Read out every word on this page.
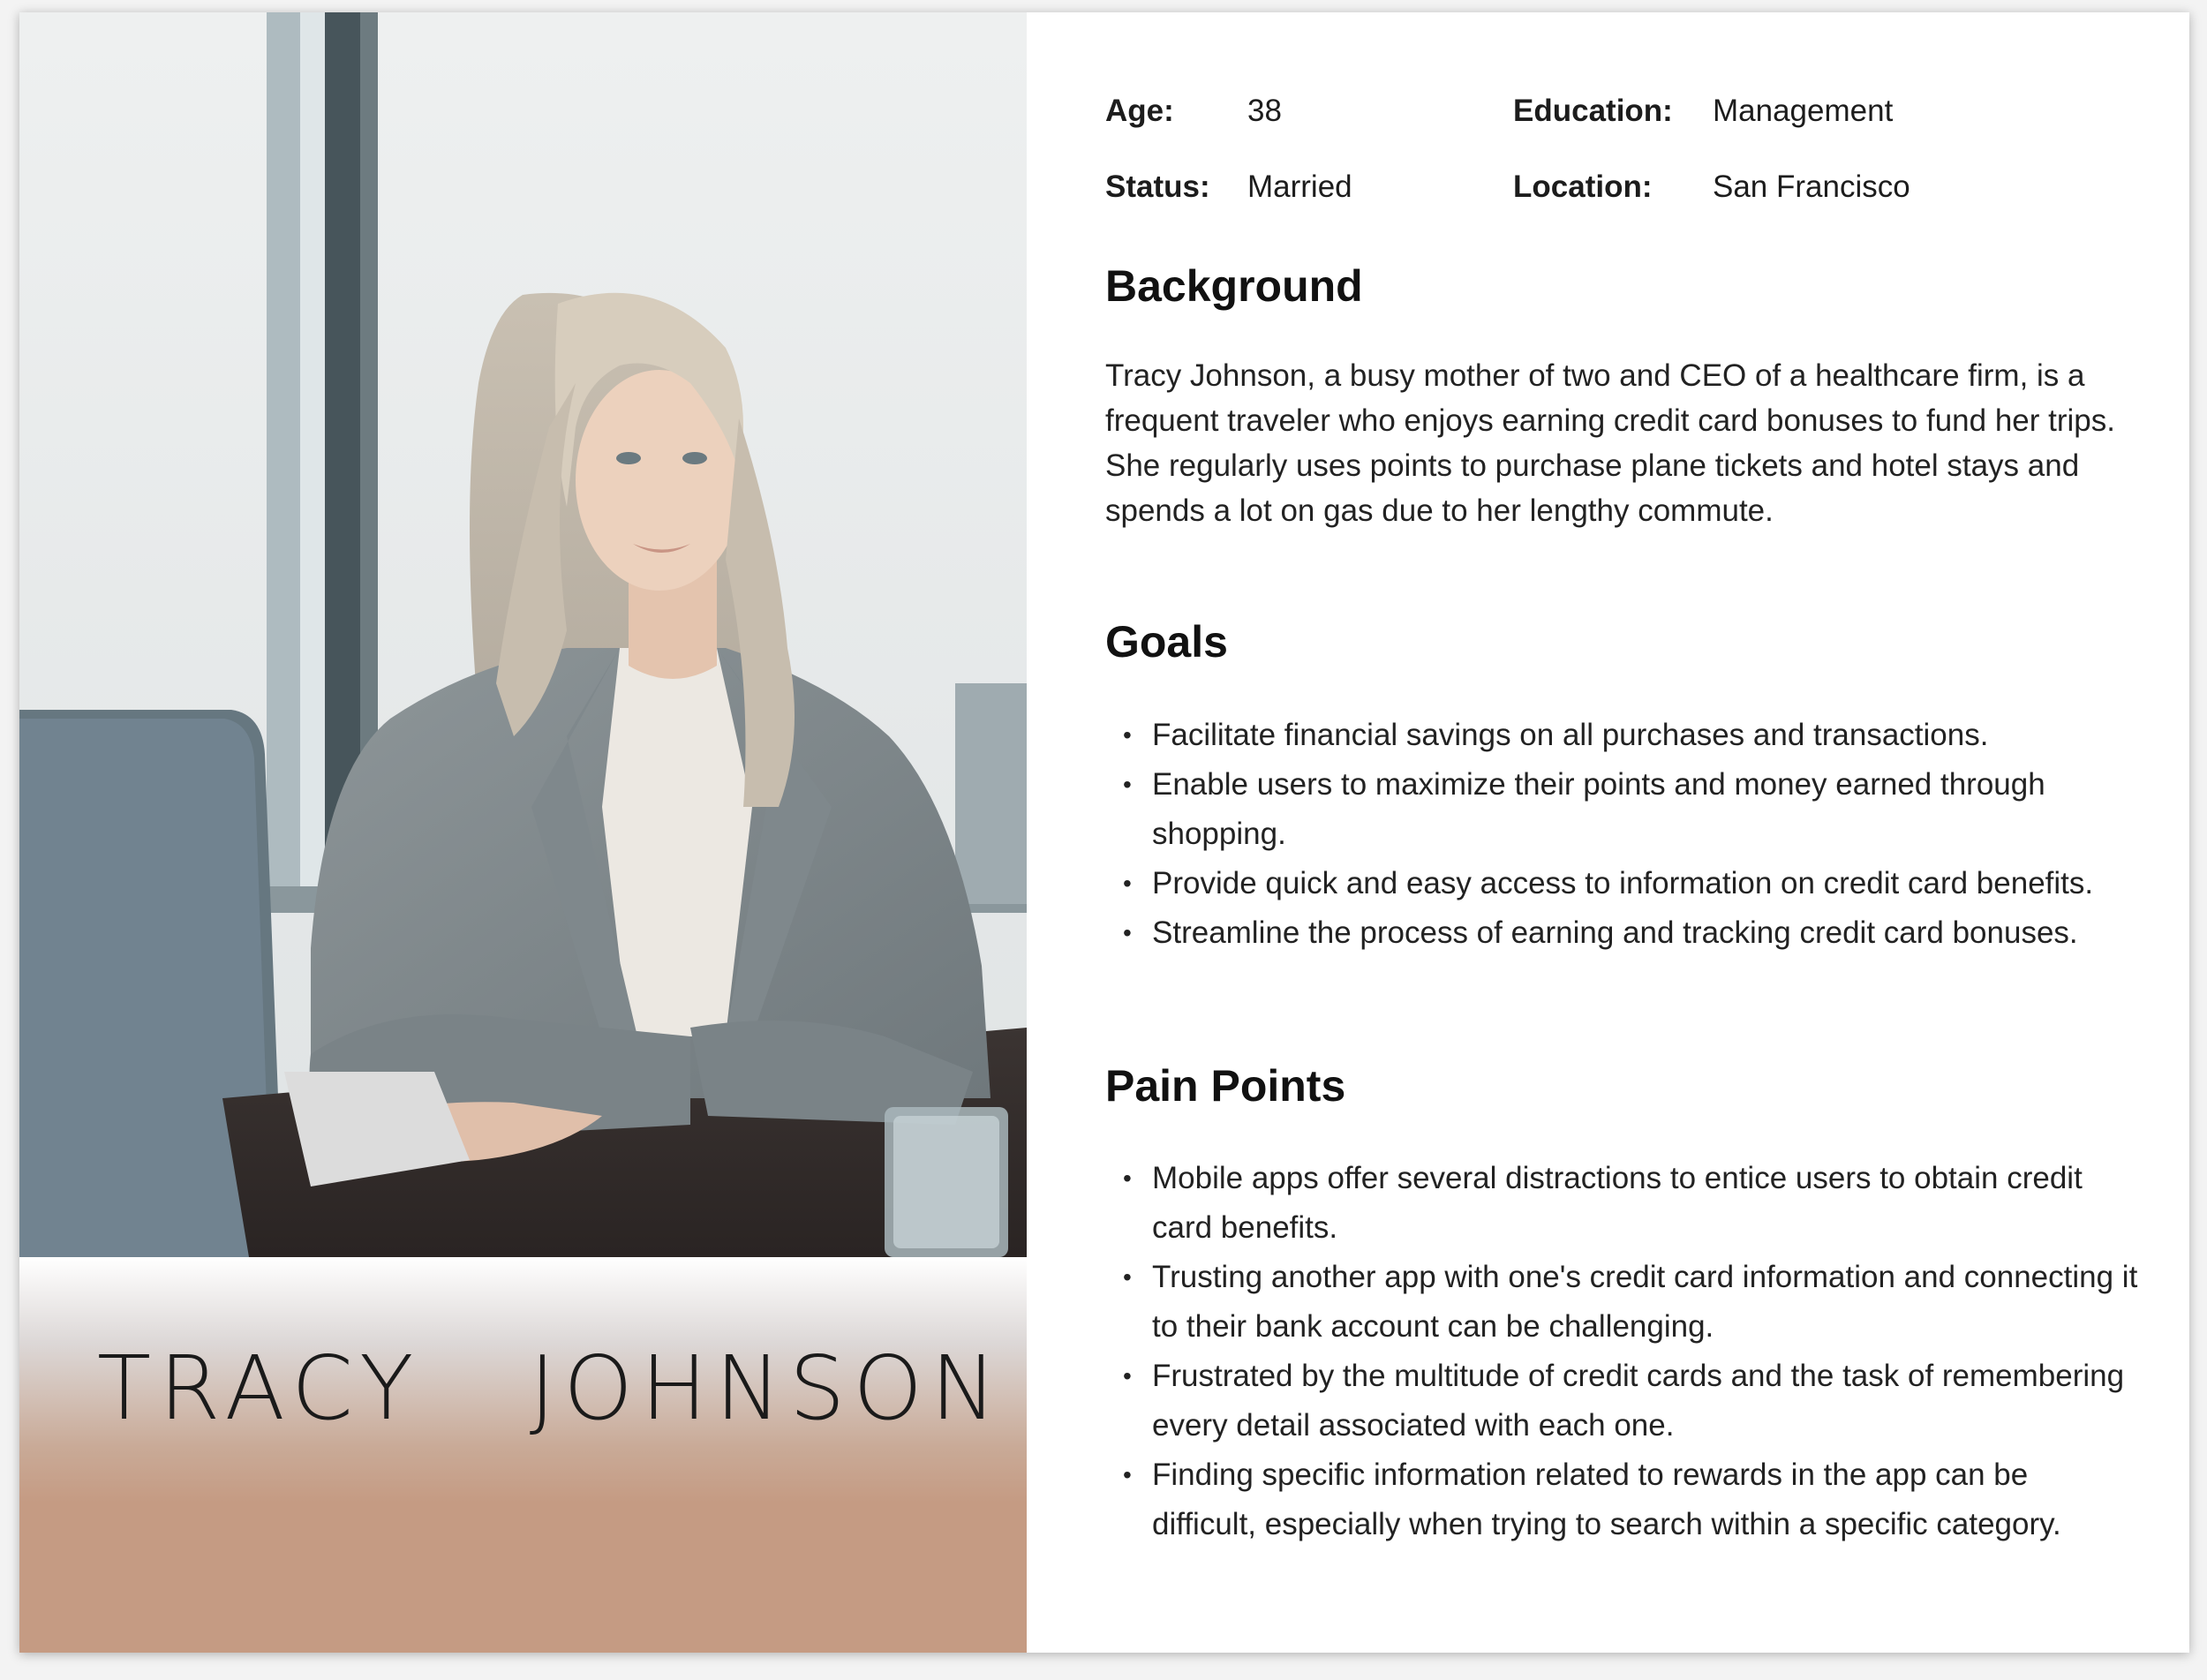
TRACY JOHNSON
Age: 38	Education: Management
Status: Married	Location: San Francisco
Background

Tracy Johnson, a busy mother of two and CEO of a healthcare firm, is a frequent traveler who enjoys earning credit card bonuses to fund her trips. She regularly uses points to purchase plane tickets and hotel stays and spends a lot on gas due to her lengthy commute.

Goals
• Facilitate financial savings on all purchases and transactions.
• Enable users to maximize their points and money earned through shopping.
• Provide quick and easy access to information on credit card benefits.
• Streamline the process of earning and tracking credit card bonuses.
Pain Points
• Mobile apps offer several distractions to entice users to obtain credit card benefits.
• Trusting another app with one's credit card information and connecting it to their bank account can be challenging.
• Frustrated by the multitude of credit cards and the task of remembering every detail associated with each one.
• Finding specific information related to rewards in the app can be difficult, especially when trying to search within a specific category.
